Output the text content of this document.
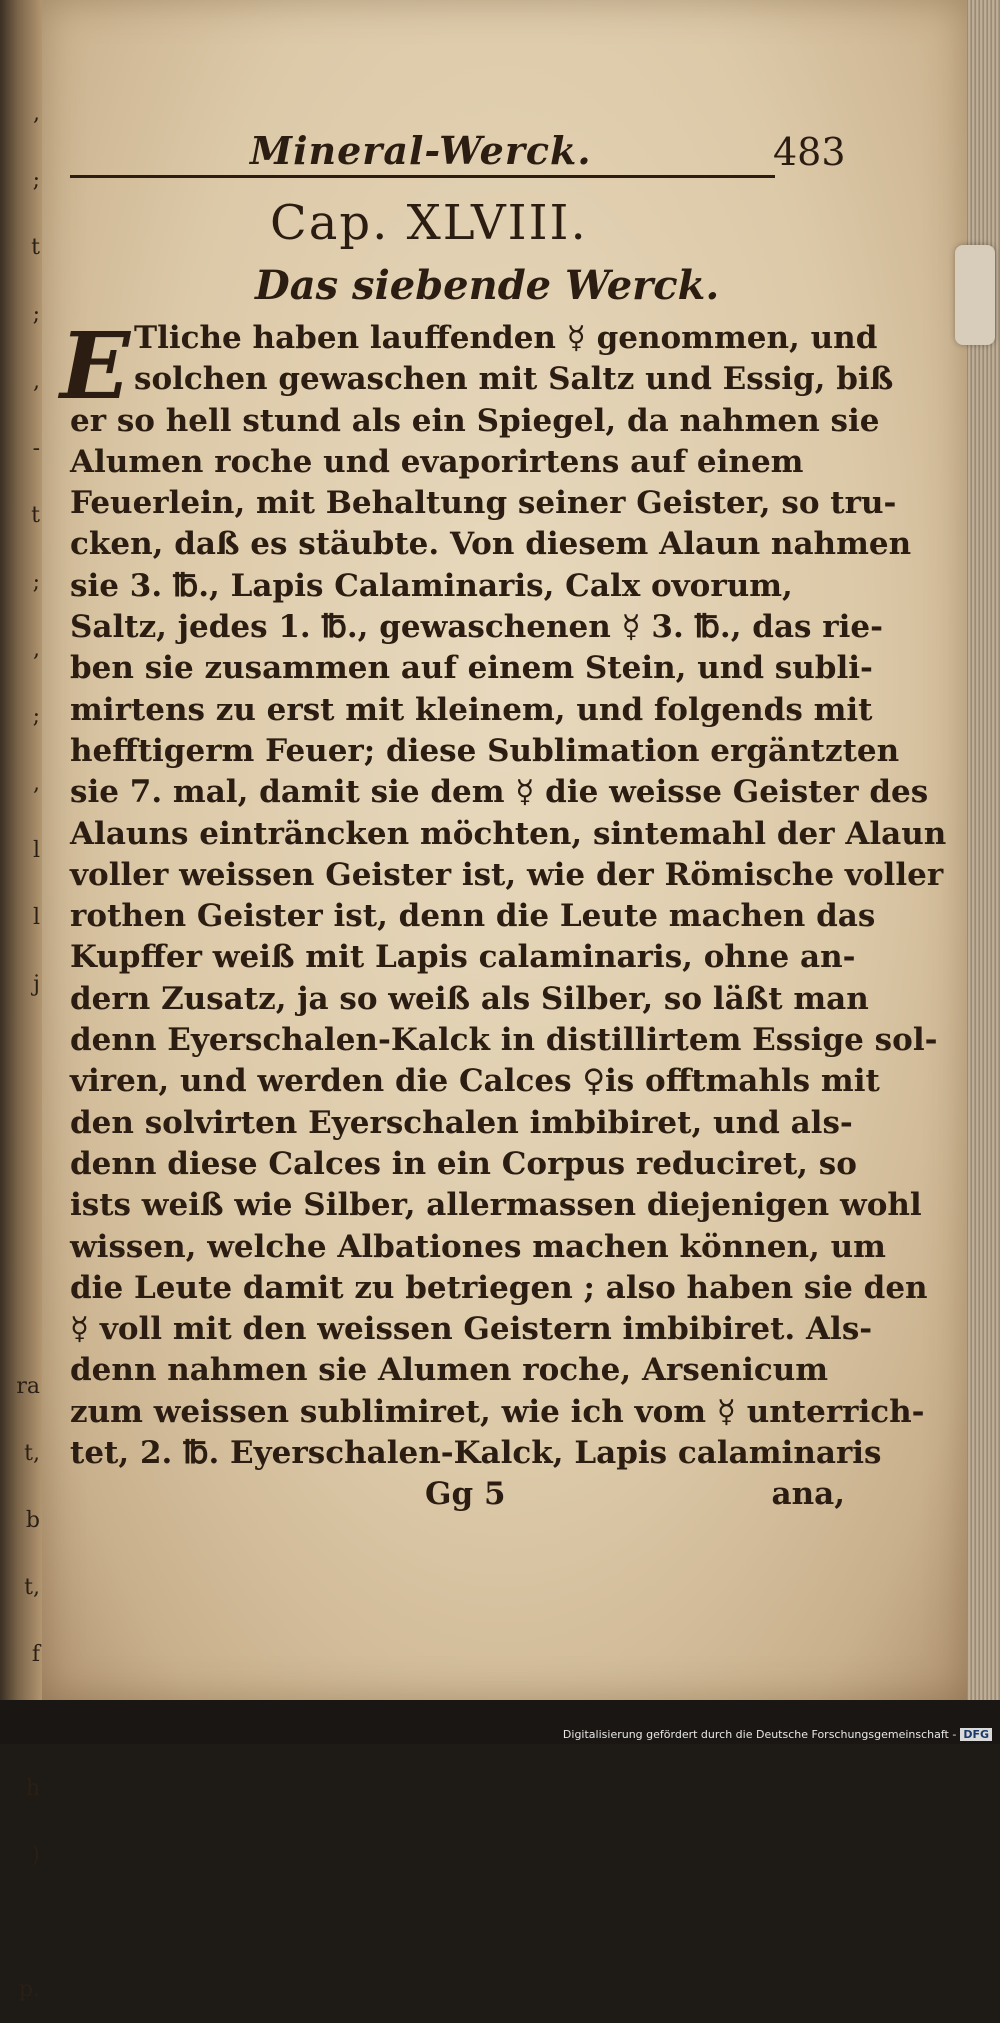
,
;
t
;
,
-
t
;
,
;
,
l
l
j

ra
t,
b
t,
f

h
)

p.
Mineral-Werck.	483
Cap. XLVIII.
Das siebende Werck.
E Tliche haben lauffenden ☿ genommen, und
solchen gewaschen mit Saltz und Essig, biß
er so hell stund als ein Spiegel, da nahmen sie
Alumen roche und evaporirtens auf einem
Feuerlein, mit Behaltung seiner Geister, so tru-
cken, daß es stäubte. Von diesem Alaun nahmen
sie 3. ℔., Lapis Calaminaris, Calx ovorum,
Saltz, jedes 1. ℔., gewaschenen ☿ 3. ℔., das rie-
ben sie zusammen auf einem Stein, und subli-
mirtens zu erst mit kleinem, und folgends mit
hefftigerm Feuer; diese Sublimation ergäntzten
sie 7. mal, damit sie dem ☿ die weisse Geister des
Alauns einträncken möchten, sintemahl der Alaun
voller weissen Geister ist, wie der Römische voller
rothen Geister ist, denn die Leute machen das
Kupffer weiß mit Lapis calaminaris, ohne an-
dern Zusatz, ja so weiß als Silber, so läßt man
denn Eyerschalen-Kalck in distillirtem Essige sol-
viren, und werden die Calces ♀is offtmahls mit
den solvirten Eyerschalen imbibiret, und als-
denn diese Calces in ein Corpus reduciret, so
ists weiß wie Silber, allermassen diejenigen wohl
wissen, welche Albationes machen können, um
die Leute damit zu betriegen ; also haben sie den
☿ voll mit den weissen Geistern imbibiret. Als-
denn nahmen sie Alumen roche, Arsenicum
zum weissen sublimiret, wie ich vom ☿ unterrich-
tet, 2. ℔. Eyerschalen-Kalck, Lapis calaminaris
Gg 5	ana,
Digitalisierung gefördert durch die Deutsche Forschungsgemeinschaft - DFG
